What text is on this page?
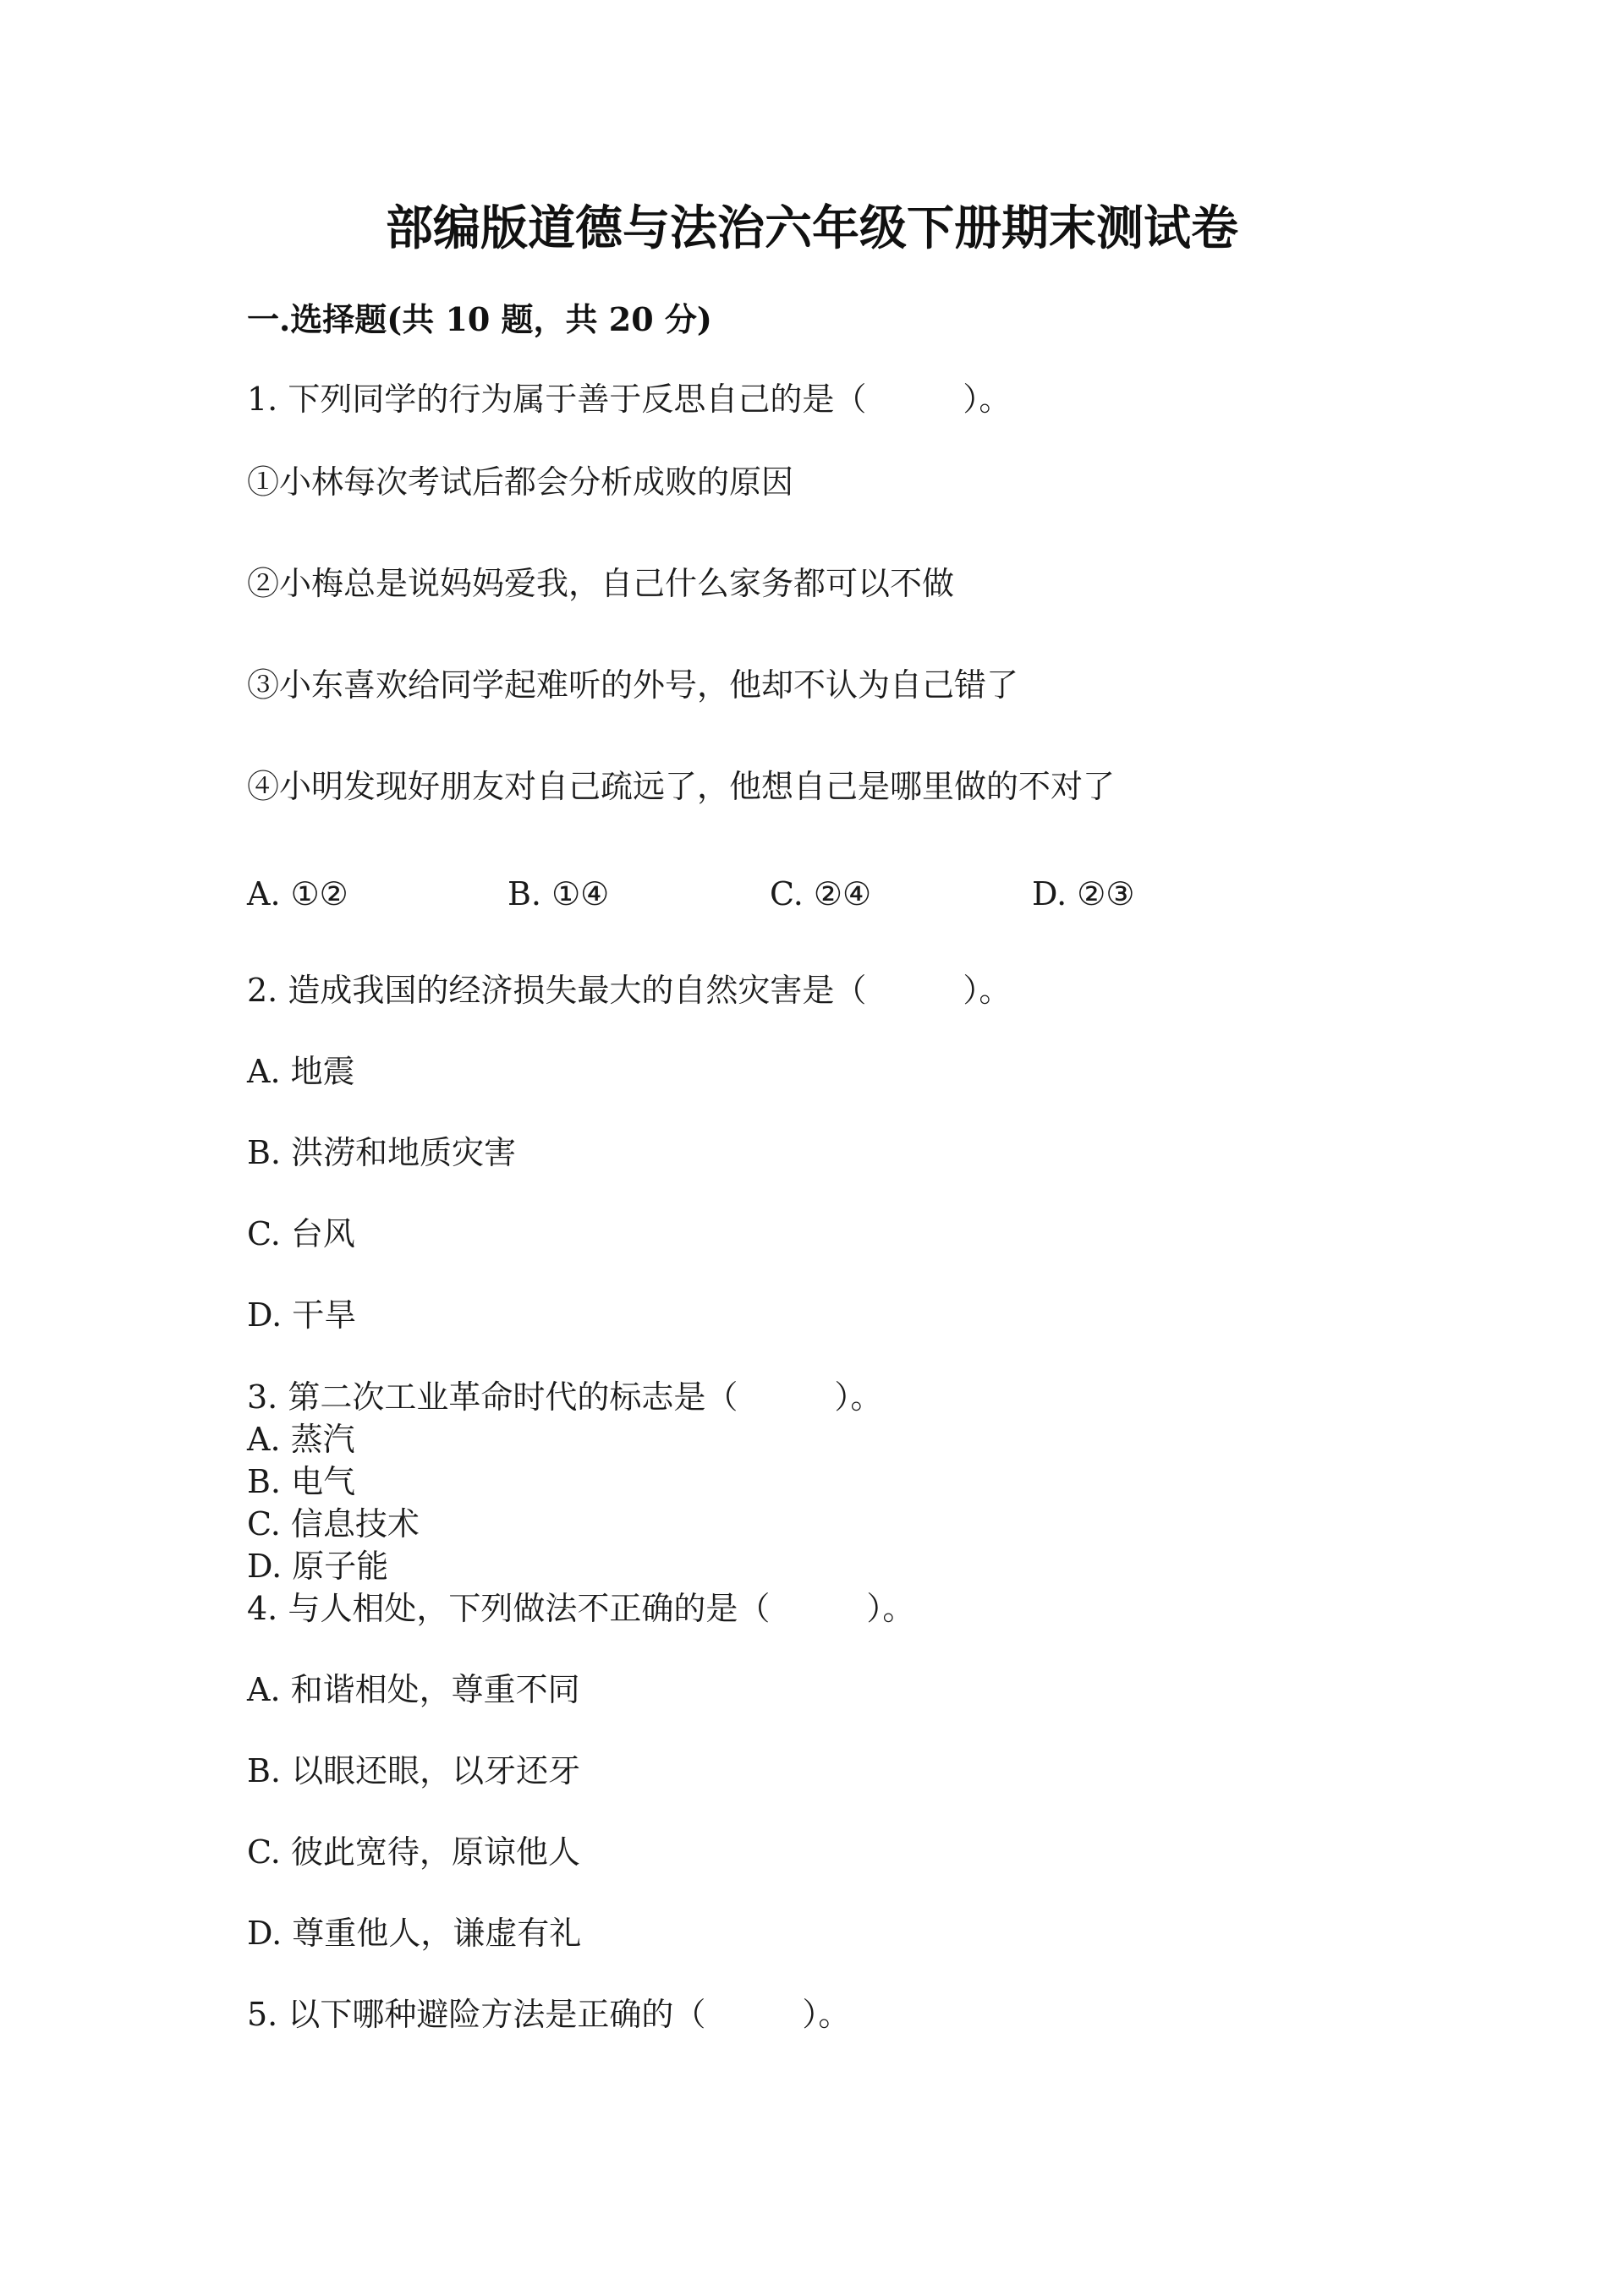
部编版道德与法治六年级下册期末测试卷
一.选择题(共 10 题，共 20 分)
1. 下列同学的行为属于善于反思自己的是（　　　）。
①小林每次考试后都会分析成败的原因
②小梅总是说妈妈爱我，自己什么家务都可以不做
③小东喜欢给同学起难听的外号，他却不认为自己错了
④小明发现好朋友对自己疏远了，他想自己是哪里做的不对了
A. ①②	B. ①④	C. ②④	D. ②③
2. 造成我国的经济损失最大的自然灾害是（　　　）。
A. 地震
B. 洪涝和地质灾害
C. 台风
D. 干旱
3. 第二次工业革命时代的标志是（　　　）。
A. 蒸汽
B. 电气
C. 信息技术
D. 原子能
4. 与人相处，下列做法不正确的是（　　　）。
A. 和谐相处，尊重不同
B. 以眼还眼，以牙还牙
C. 彼此宽待，原谅他人
D. 尊重他人，谦虚有礼
5. 以下哪种避险方法是正确的（　　　）。
